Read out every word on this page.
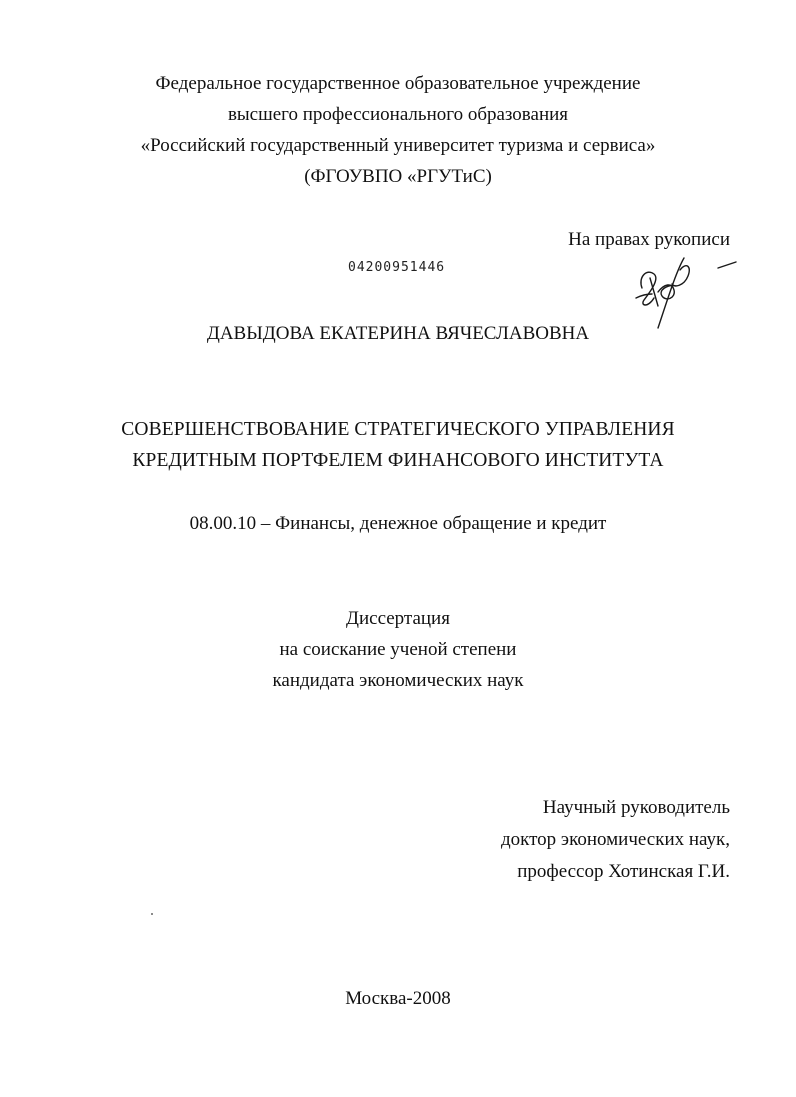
Федеральное государственное образовательное учреждение
высшего профессионального образования
«Российский государственный университет туризма и сервиса»
(ФГОУВПО «РГУТиС)
На правах рукописи
04200951446
ДАВЫДОВА ЕКАТЕРИНА ВЯЧЕСЛАВОВНА
СОВЕРШЕНСТВОВАНИЕ СТРАТЕГИЧЕСКОГО УПРАВЛЕНИЯ
КРЕДИТНЫМ ПОРТФЕЛЕМ ФИНАНСОВОГО ИНСТИТУТА
08.00.10 – Финансы, денежное обращение и кредит
Диссертация
на соискание ученой степени
кандидата экономических наук
Научный руководитель
доктор экономических наук,
профессор Хотинская Г.И.
Москва-2008
